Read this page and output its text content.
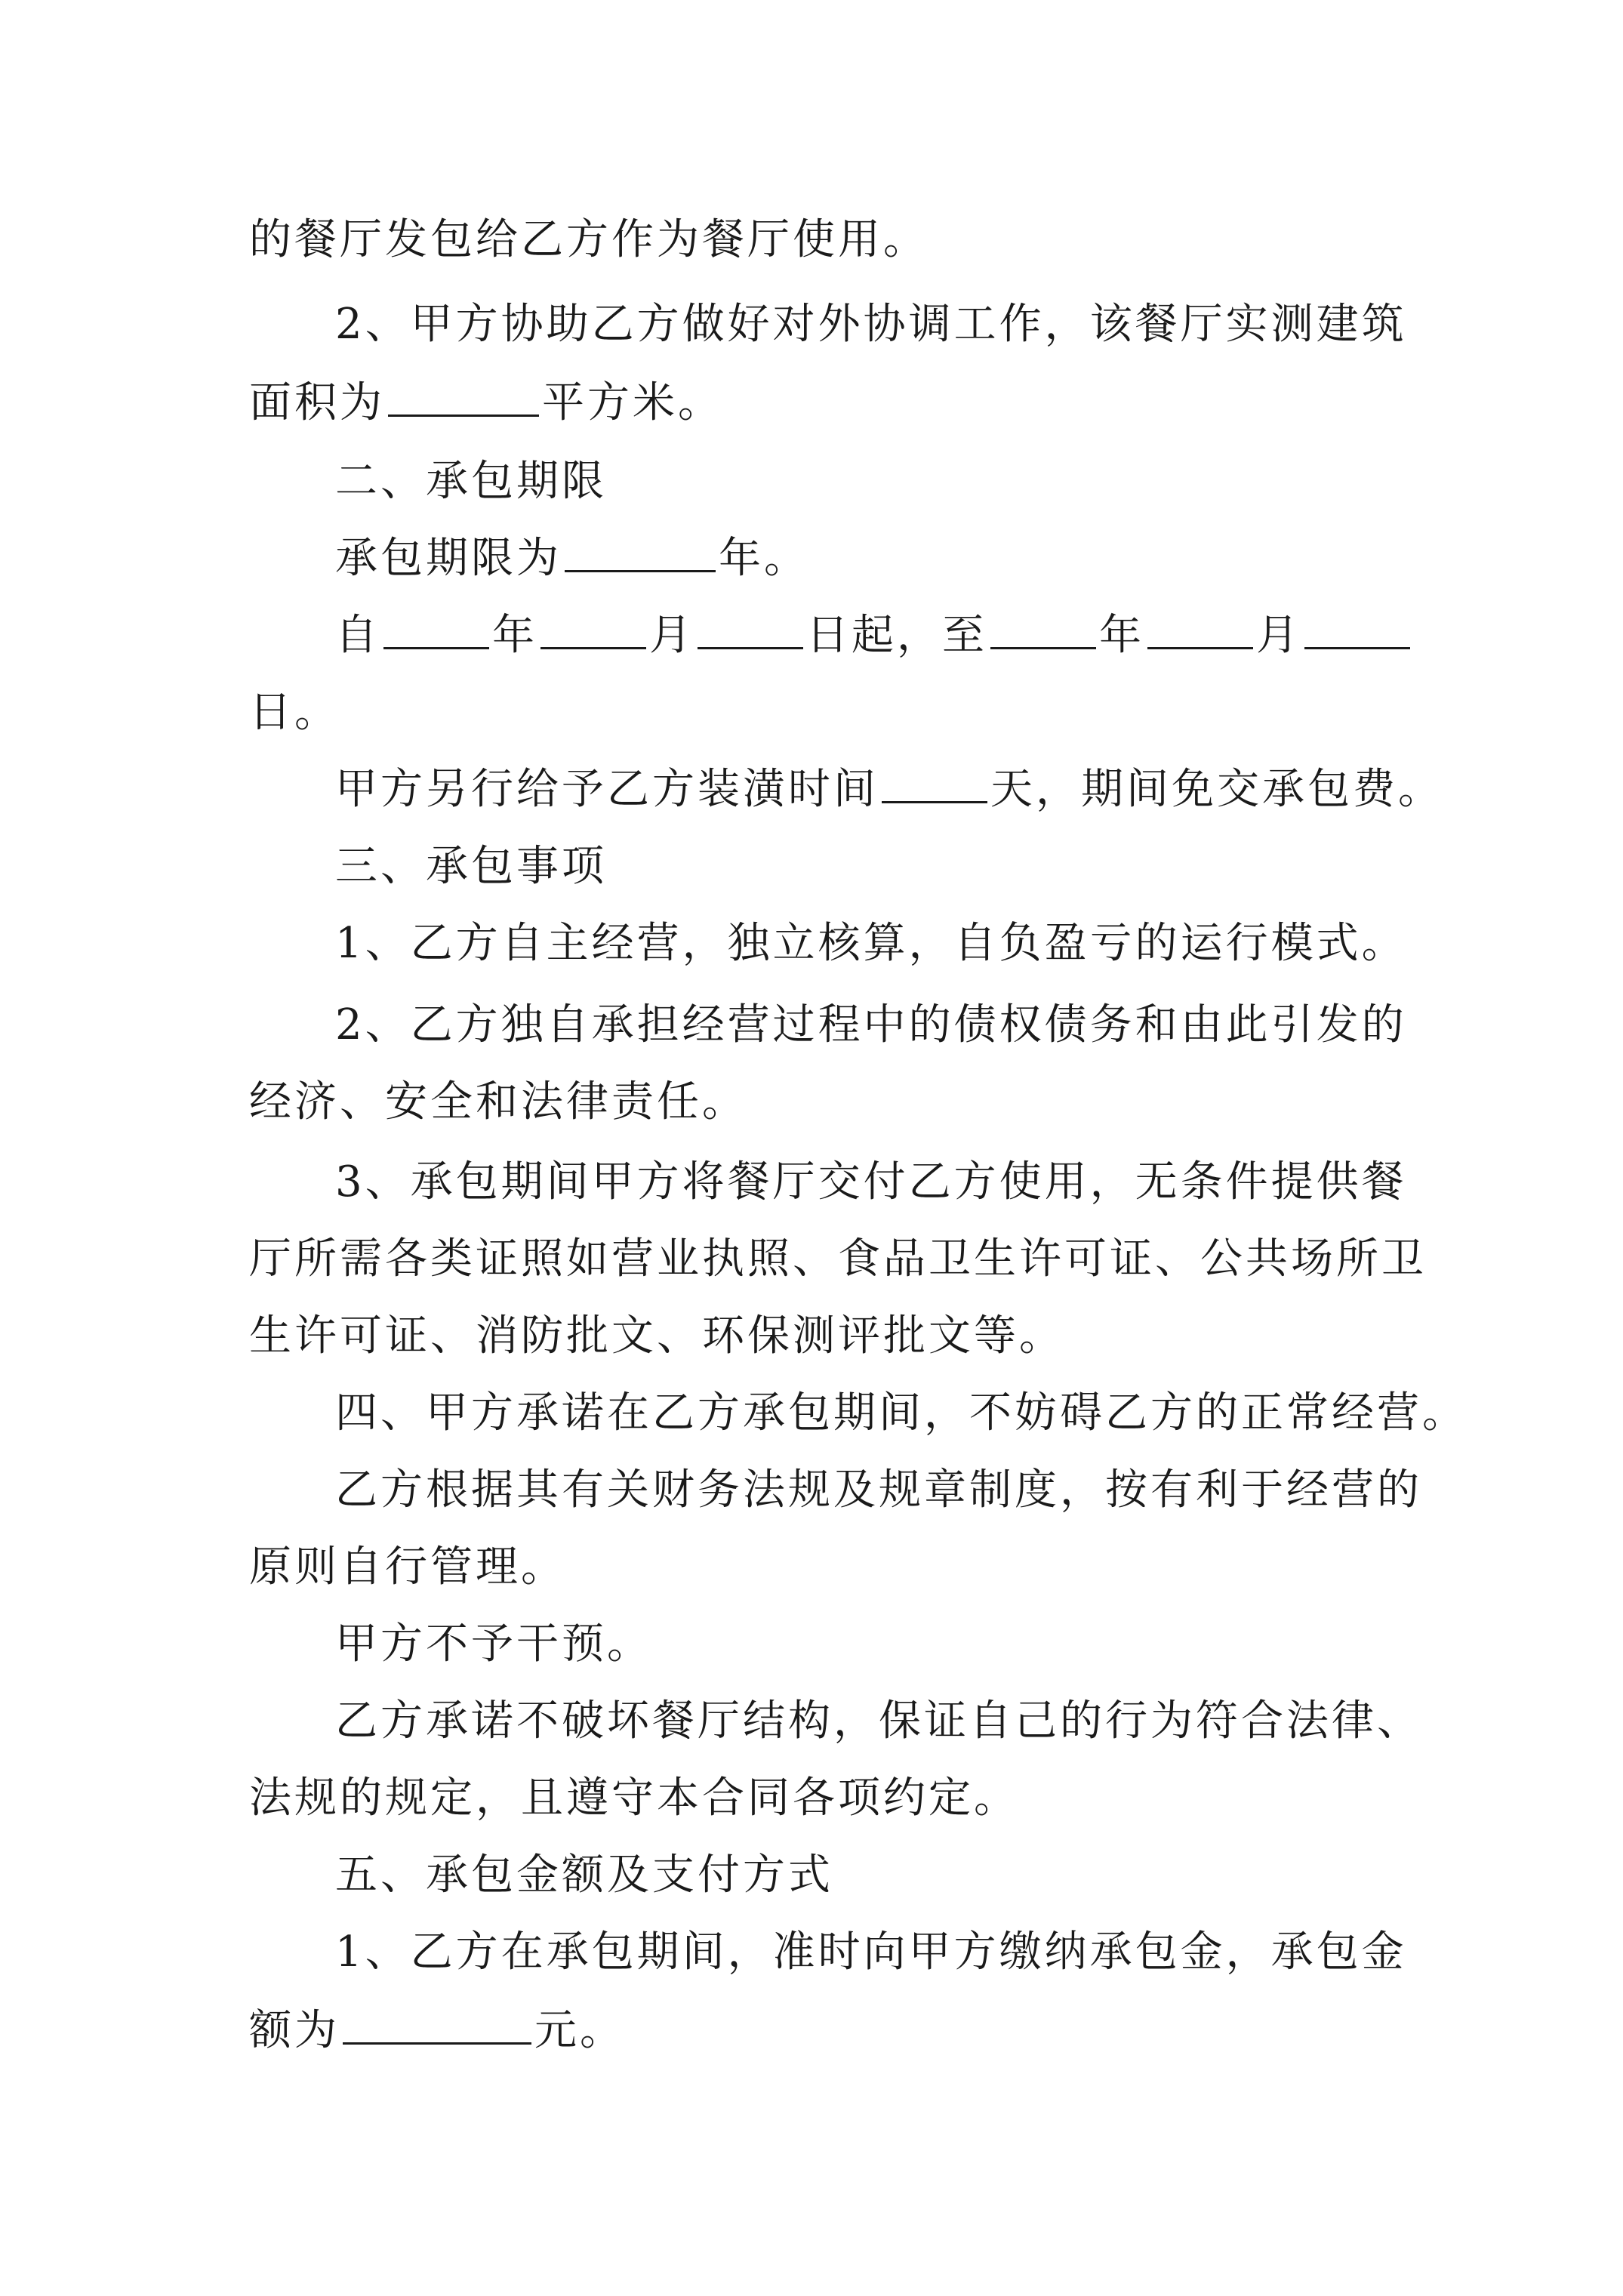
的餐厅发包给乙方作为餐厅使用。
2、甲方协助乙方做好对外协调工作，该餐厅实测建筑
面积为	平方米。
二、承包期限
承包期限为	年。
自	年	月	日起，至	年	月
日。
甲方另行给予乙方装潢时间	天，期间免交承包费。
三、承包事项
1、乙方自主经营，独立核算，自负盈亏的运行模式。
2、乙方独自承担经营过程中的债权债务和由此引发的
经济、安全和法律责任。
3、承包期间甲方将餐厅交付乙方使用，无条件提供餐
厅所需各类证照如营业执照、食品卫生许可证、公共场所卫
生许可证、消防批文、环保测评批文等。
四、甲方承诺在乙方承包期间，不妨碍乙方的正常经营。
乙方根据其有关财务法规及规章制度，按有利于经营的
原则自行管理。
甲方不予干预。
乙方承诺不破坏餐厅结构，保证自己的行为符合法律、
法规的规定，且遵守本合同各项约定。
五、承包金额及支付方式
1、乙方在承包期间，准时向甲方缴纳承包金，承包金
额为	元。
